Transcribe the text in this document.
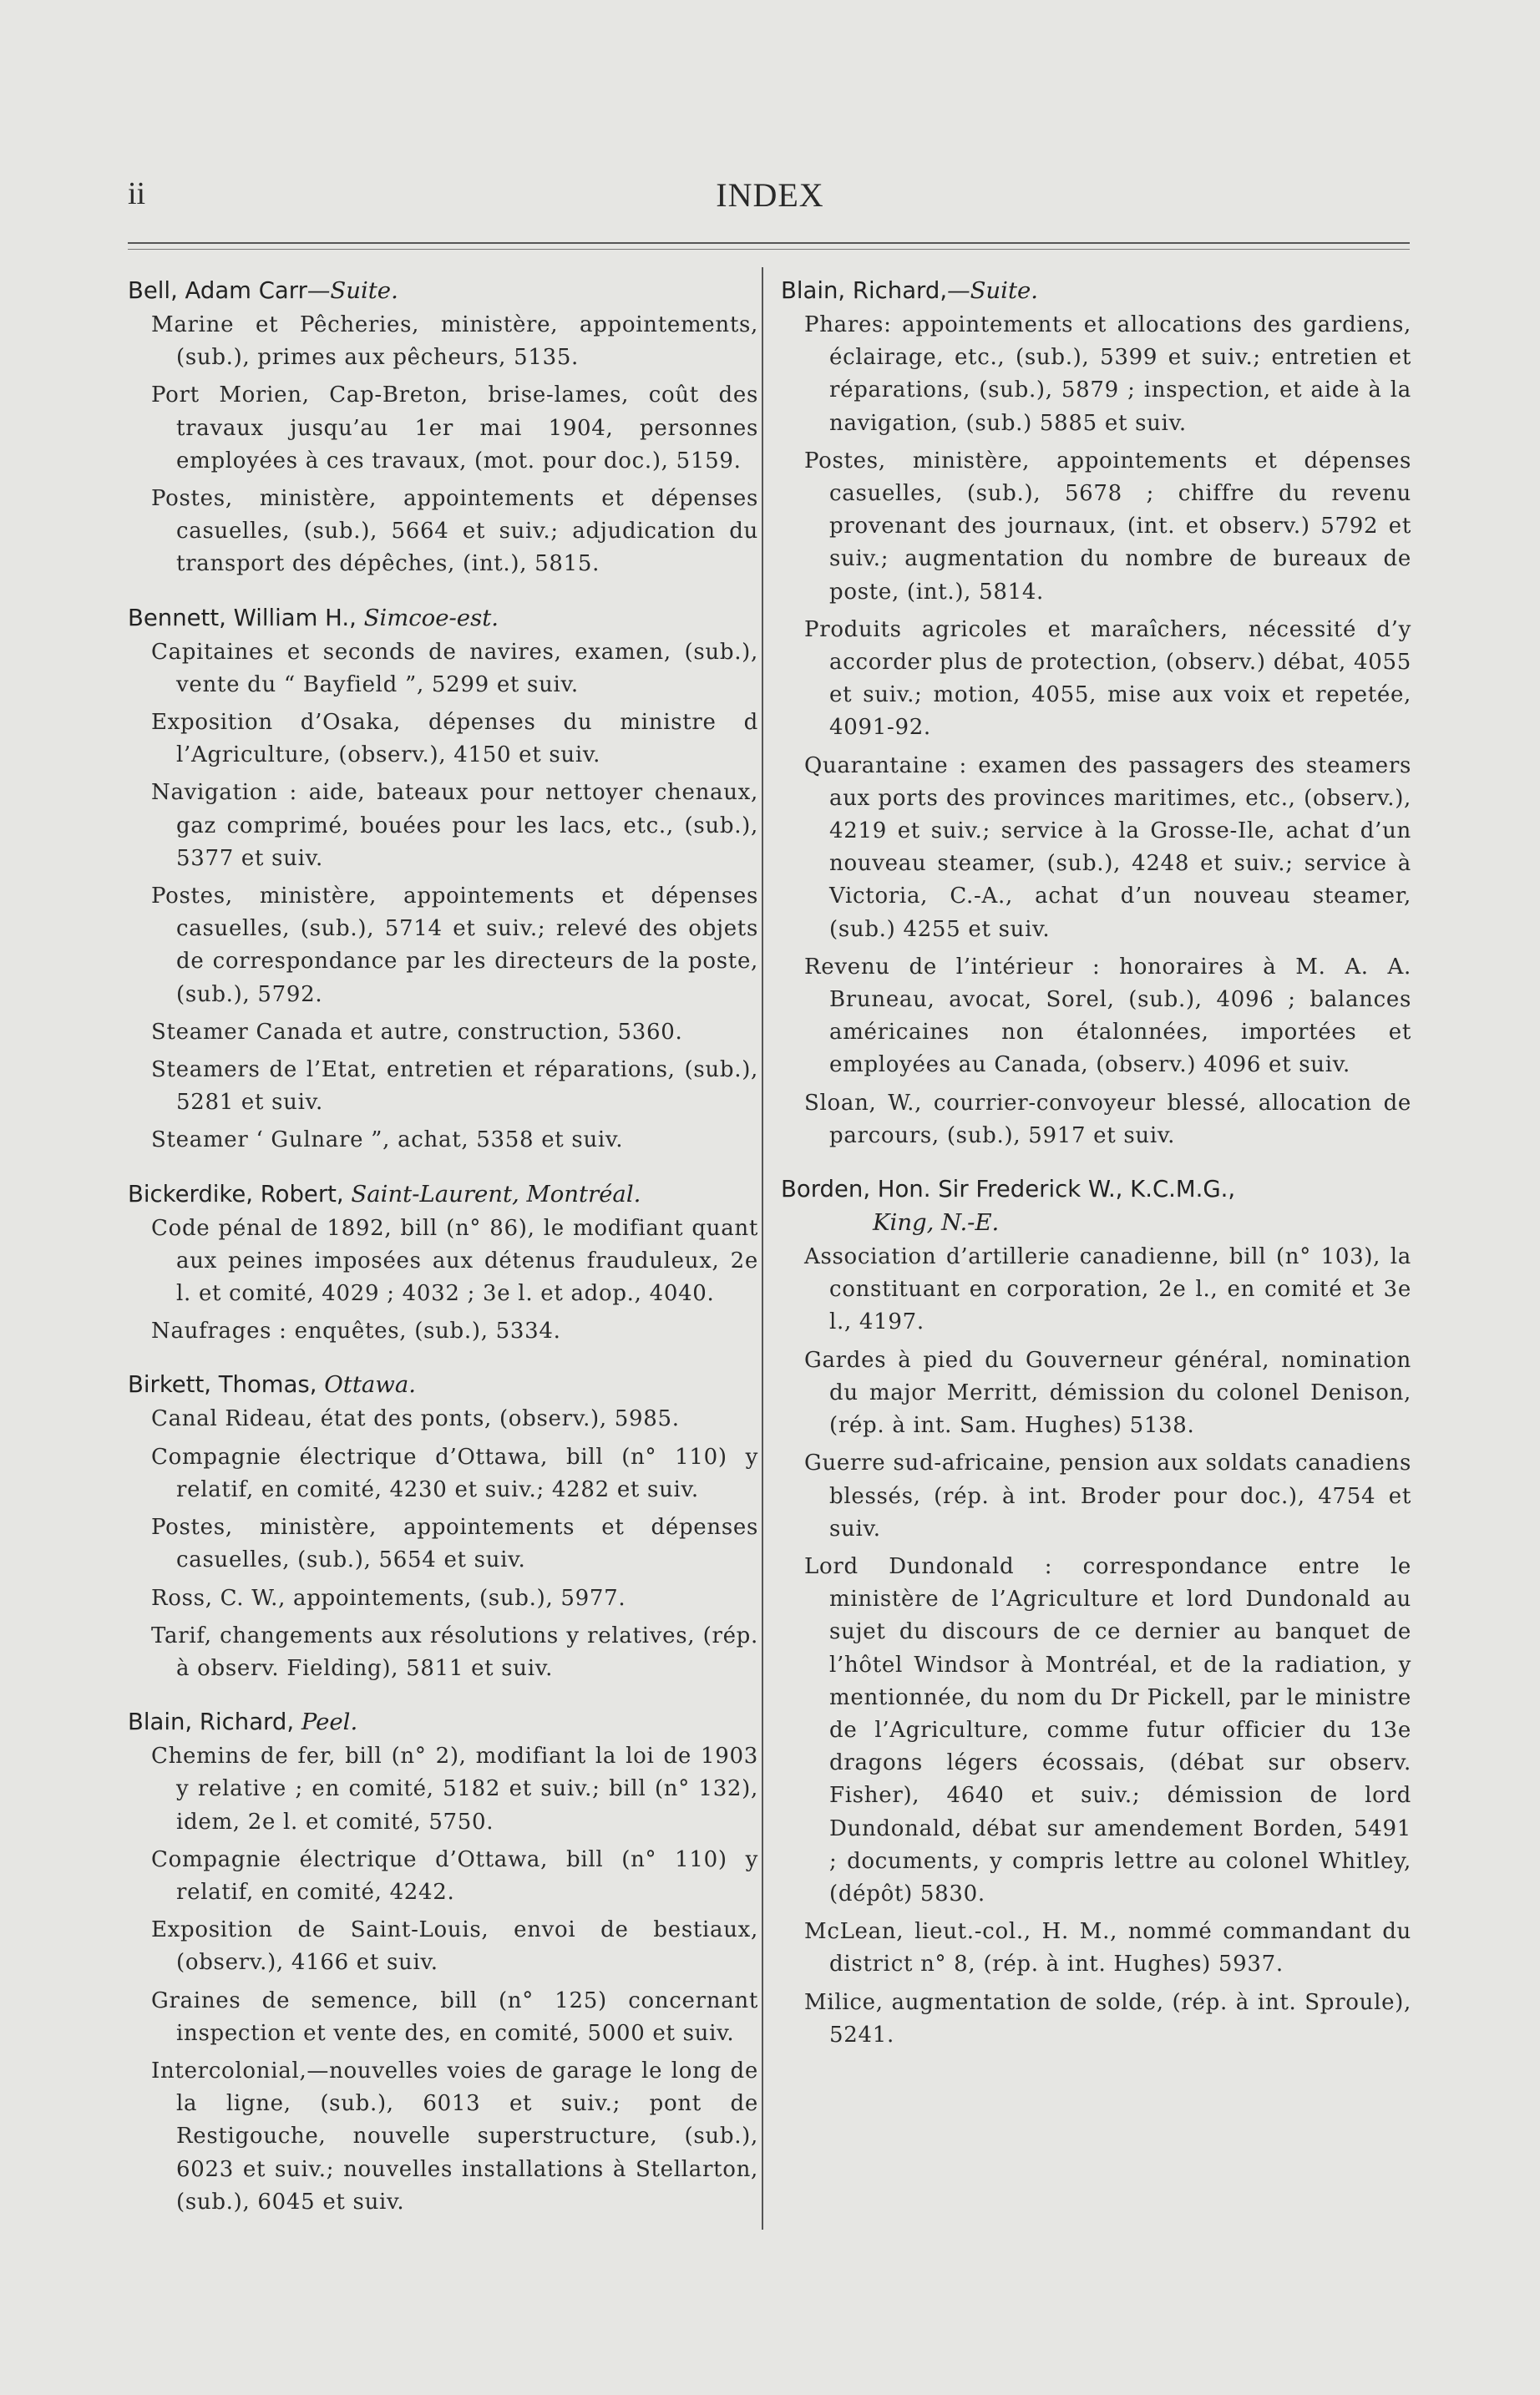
ii	INDEX
Bell, Adam Carr—Suite.
Marine et Pêcheries, ministère, appointements, (sub.), primes aux pêcheurs, 5135.
Port Morien, Cap-Breton, brise-lames, coût des travaux jusqu’au 1er mai 1904, personnes employées à ces travaux, (mot. pour doc.), 5159.
Postes, ministère, appointements et dépenses casuelles, (sub.), 5664 et suiv.; adjudication du transport des dépêches, (int.), 5815.
Bennett, William H., Simcoe-est.
Capitaines et seconds de navires, examen, (sub.), vente du “ Bayfield ”, 5299 et suiv.
Exposition d’Osaka, dépenses du ministre d l’Agriculture, (observ.), 4150 et suiv.
Navigation : aide, bateaux pour nettoyer chenaux, gaz comprimé, bouées pour les lacs, etc., (sub.), 5377 et suiv.
Postes, ministère, appointements et dépenses casuelles, (sub.), 5714 et suiv.; relevé des objets de correspondance par les directeurs de la poste, (sub.), 5792.
Steamer Canada et autre, construction, 5360.
Steamers de l’Etat, entretien et réparations, (sub.), 5281 et suiv.
Steamer ‘ Gulnare ”, achat, 5358 et suiv.
Bickerdike, Robert, Saint-Laurent, Montréal.
Code pénal de 1892, bill (n° 86), le modifiant quant aux peines imposées aux détenus frauduleux, 2e l. et comité, 4029 ; 4032 ; 3e l. et adop., 4040.
Naufrages : enquêtes, (sub.), 5334.
Birkett, Thomas, Ottawa.
Canal Rideau, état des ponts, (observ.), 5985.
Compagnie électrique d’Ottawa, bill (n° 110) y relatif, en comité, 4230 et suiv.; 4282 et suiv.
Postes, ministère, appointements et dépenses casuelles, (sub.), 5654 et suiv.
Ross, C. W., appointements, (sub.), 5977.
Tarif, changements aux résolutions y relatives, (rép. à observ. Fielding), 5811 et suiv.
Blain, Richard, Peel.
Chemins de fer, bill (n° 2), modifiant la loi de 1903 y relative ; en comité, 5182 et suiv.; bill (n° 132), idem, 2e l. et comité, 5750.
Compagnie électrique d’Ottawa, bill (n° 110) y relatif, en comité, 4242.
Exposition de Saint-Louis, envoi de bestiaux, (observ.), 4166 et suiv.
Graines de semence, bill (n° 125) concernant inspection et vente des, en comité, 5000 et suiv.
Intercolonial,—nouvelles voies de garage le long de la ligne, (sub.), 6013 et suiv.; pont de Restigouche, nouvelle superstructure, (sub.), 6023 et suiv.; nouvelles installations à Stellarton, (sub.), 6045 et suiv.
Blain, Richard,—Suite.
Phares: appointements et allocations des gardiens, éclairage, etc., (sub.), 5399 et suiv.; entretien et réparations, (sub.), 5879 ; inspection, et aide à la navigation, (sub.) 5885 et suiv.
Postes, ministère, appointements et dépenses casuelles, (sub.), 5678 ; chiffre du revenu provenant des journaux, (int. et observ.) 5792 et suiv.; augmentation du nombre de bureaux de poste, (int.), 5814.
Produits agricoles et maraîchers, nécessité d’y accorder plus de protection, (observ.) débat, 4055 et suiv.; motion, 4055, mise aux voix et repetée, 4091-92.
Quarantaine : examen des passagers des steamers aux ports des provinces maritimes, etc., (observ.), 4219 et suiv.; service à la Grosse-Ile, achat d’un nouveau steamer, (sub.), 4248 et suiv.; service à Victoria, C.-A., achat d’un nouveau steamer, (sub.) 4255 et suiv.
Revenu de l’intérieur : honoraires à M. A. A. Bruneau, avocat, Sorel, (sub.), 4096 ; balances américaines non étalonnées, importées et employées au Canada, (observ.) 4096 et suiv.
Sloan, W., courrier-convoyeur blessé, allocation de parcours, (sub.), 5917 et suiv.
Borden, Hon. Sir Frederick W., K.C.M.G.,
King, N.-E.
Association d’artillerie canadienne, bill (n° 103), la constituant en corporation, 2e l., en comité et 3e l., 4197.
Gardes à pied du Gouverneur général, nomination du major Merritt, démission du colonel Denison, (rép. à int. Sam. Hughes) 5138.
Guerre sud-africaine, pension aux soldats canadiens blessés, (rép. à int. Broder pour doc.), 4754 et suiv.
Lord Dundonald : correspondance entre le ministère de l’Agriculture et lord Dundonald au sujet du discours de ce dernier au banquet de l’hôtel Windsor à Montréal, et de la radiation, y mentionnée, du nom du Dr Pickell, par le ministre de l’Agriculture, comme futur officier du 13e dragons légers écossais, (débat sur observ. Fisher), 4640 et suiv.; démission de lord Dundonald, débat sur amendement Borden, 5491 ; documents, y compris lettre au colonel Whitley, (dépôt) 5830.
McLean, lieut.-col., H. M., nommé commandant du district n° 8, (rép. à int. Hughes) 5937.
Milice, augmentation de solde, (rép. à int. Sproule), 5241.
